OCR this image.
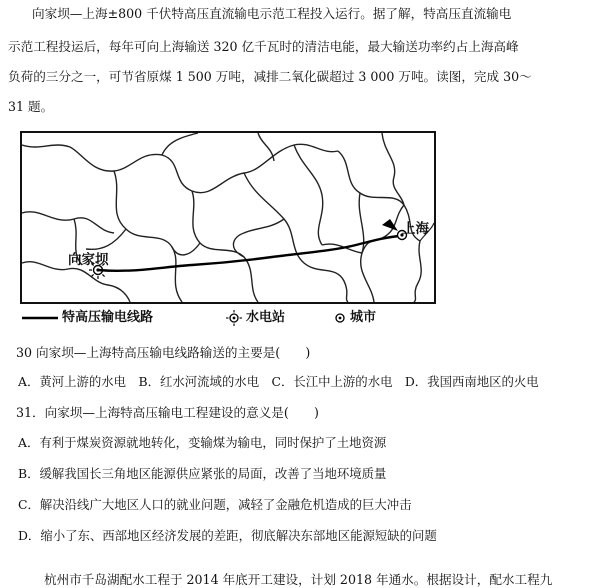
向家坝—上海±800 千伏特高压直流输电示范工程投入运行。据了解，特高压直流输电

示范工程投运后，每年可向上海输送 320 亿千瓦时的清洁电能，最大输送功率约占上海高峰

负荷的三分之一，可节省原煤 1 500 万吨，减排二氧化碳超过 3 000 万吨。读图，完成 30～

31 题。

向家坝
上海
特高压输电线路	水电站	城市

30 向家坝—上海特高压输电线路输送的主要是(　　)

A．黄河上游的水电　B．红水河流域的水电　C．长江中上游的水电　D．我国西南地区的火电

31．向家坝—上海特高压输电工程建设的意义是(　　)

A．有利于煤炭资源就地转化，变输煤为输电，同时保护了土地资源

B．缓解我国长三角地区能源供应紧张的局面，改善了当地环境质量

C．解决沿线广大地区人口的就业问题，减轻了金融危机造成的巨大冲击

D．缩小了东、西部地区经济发展的差距，彻底解决东部地区能源短缺的问题

杭州市千岛湖配水工程于 2014 年底开工建设，计划 2018 年通水。根据设计，配水工程九
